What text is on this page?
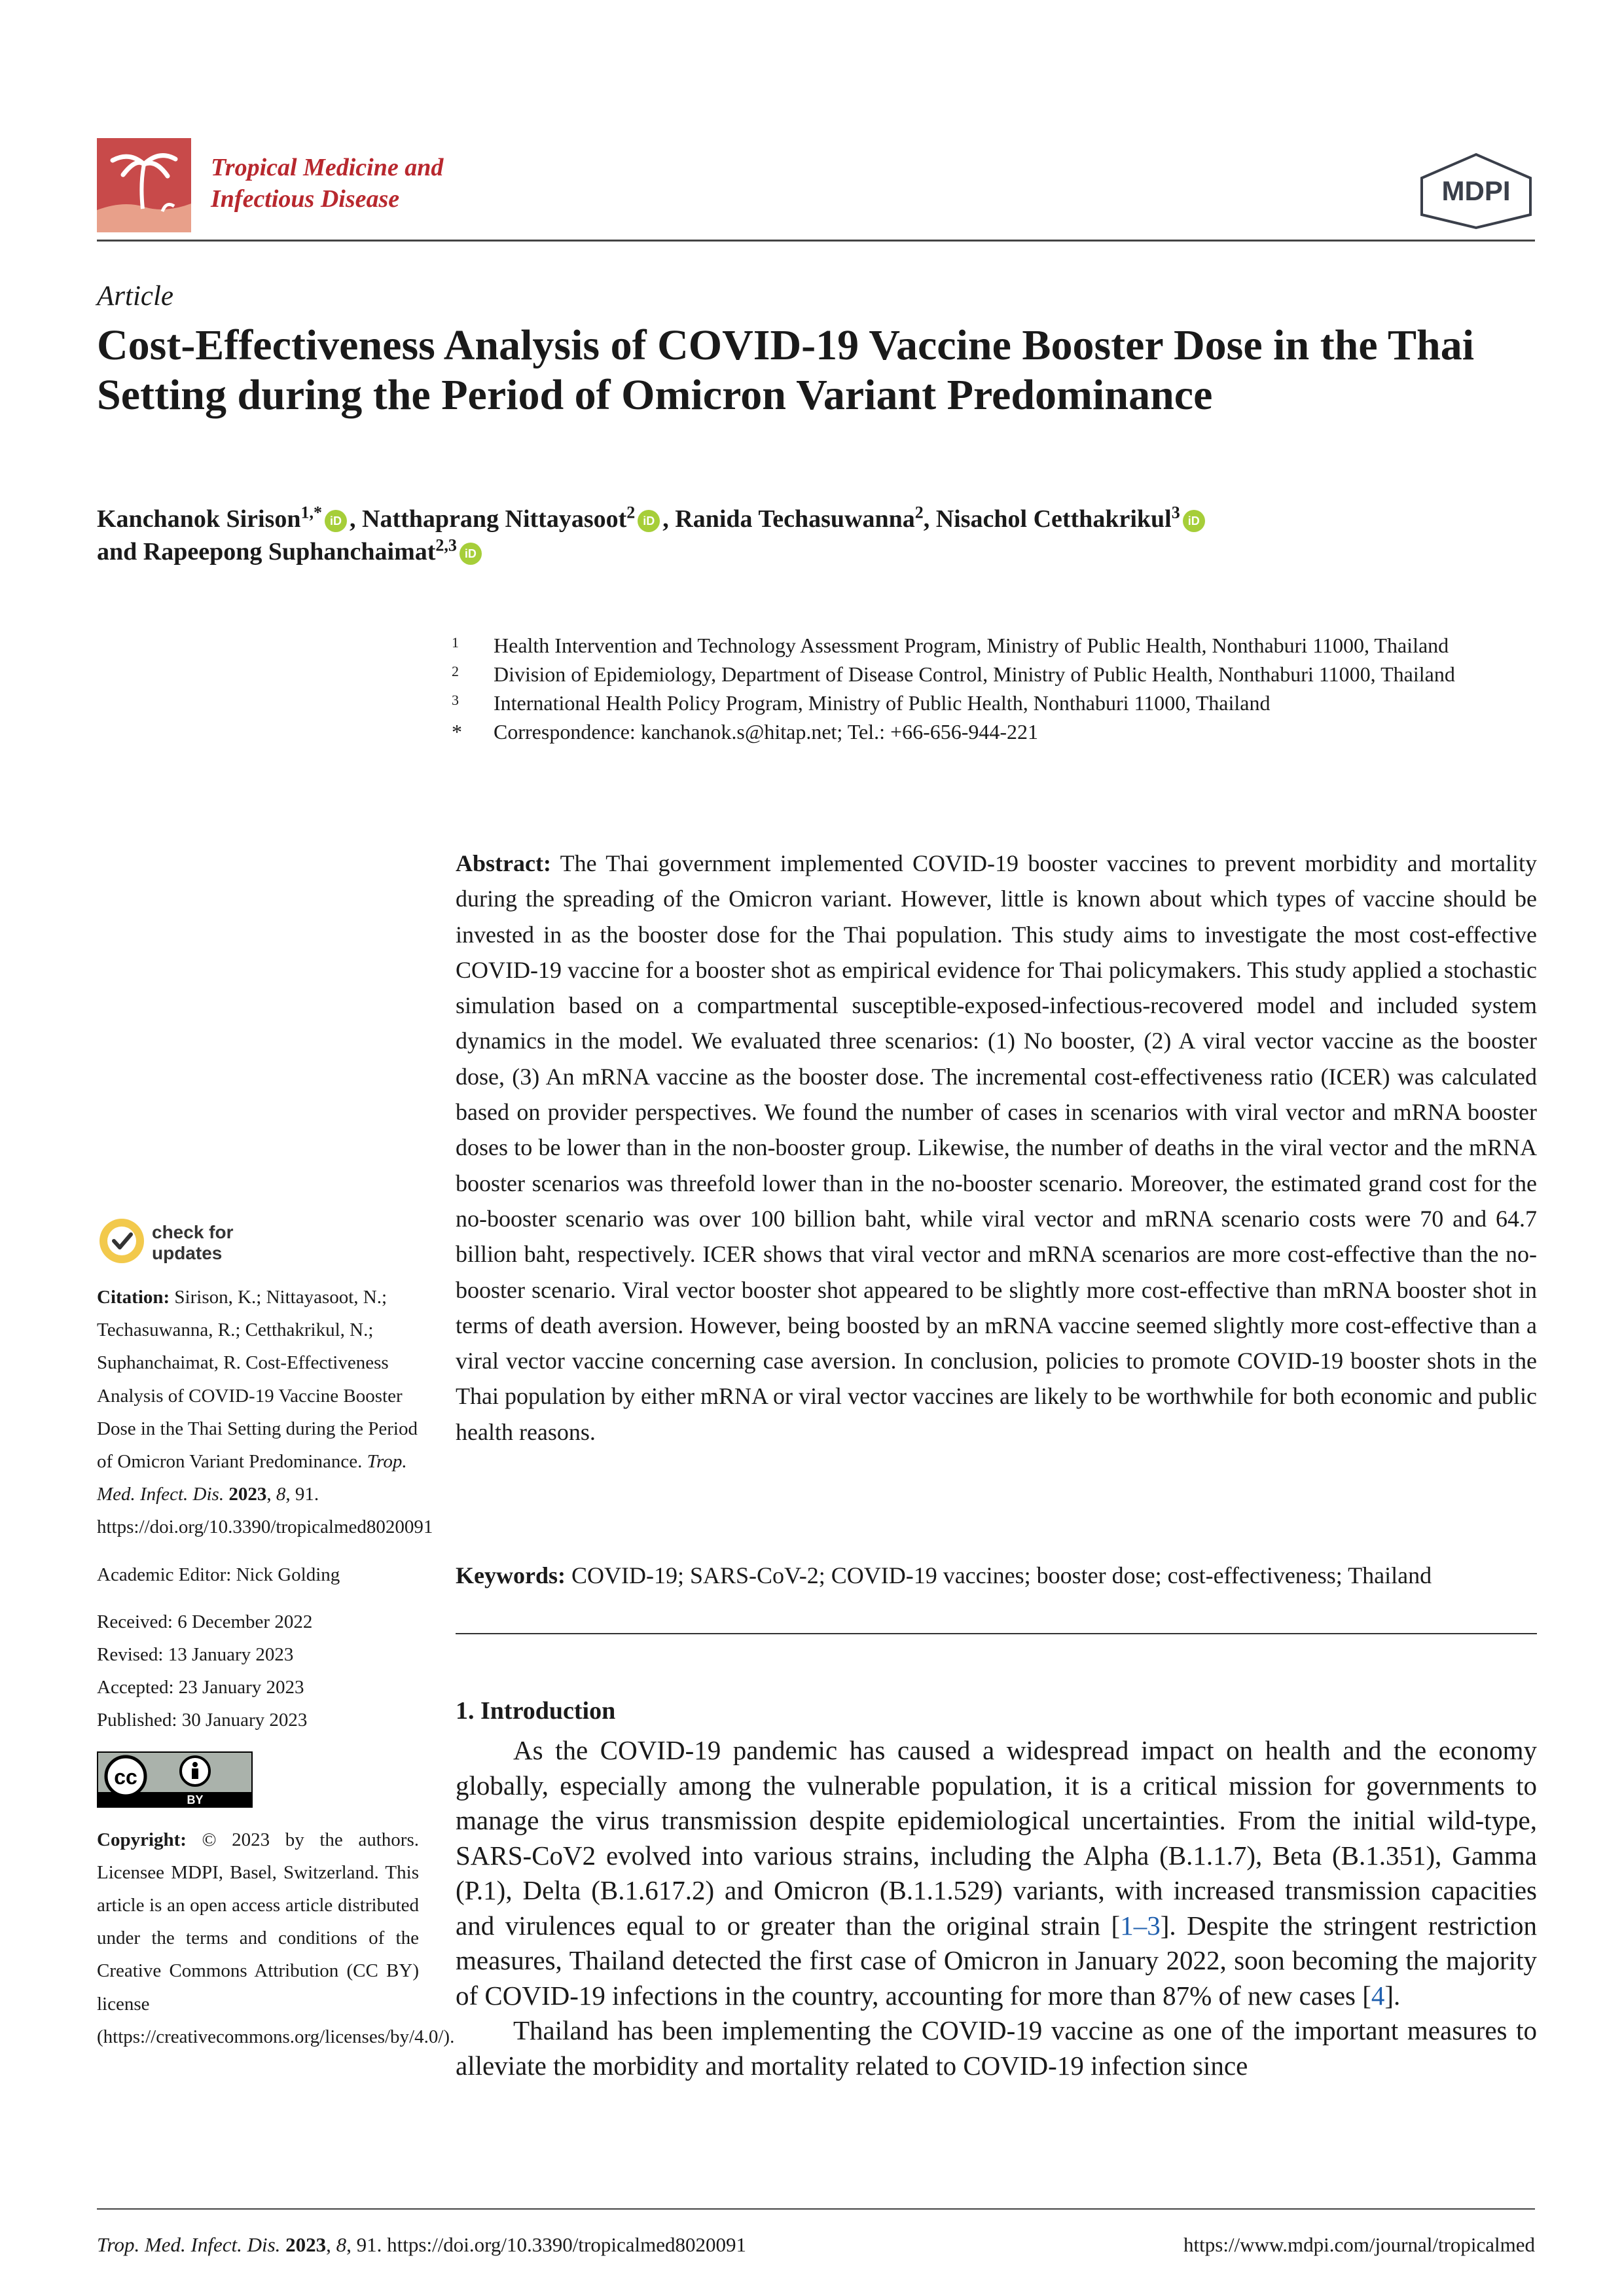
Tropical Medicine and
Infectious Disease	MDPI
Article
Cost-Effectiveness Analysis of COVID-19 Vaccine Booster Dose in the Thai Setting during the Period of Omicron Variant Predominance
Kanchanok Sirison$^{1,*}$ iD , Natthaprang Nittayasoot$^2$ iD , Ranida Techasuwanna$^2$, Nisachol Cetthakrikul$^3$ iD
and Rapeepong Suphanchaimat$^{2,3}$ iD
1 Health Intervention and Technology Assessment Program, Ministry of Public Health, Nonthaburi 11000, Thailand
2 Division of Epidemiology, Department of Disease Control, Ministry of Public Health, Nonthaburi 11000, Thailand
3 International Health Policy Program, Ministry of Public Health, Nonthaburi 11000, Thailand
* Correspondence: kanchanok.s@hitap.net; Tel.: +66-656-944-221
Abstract: The Thai government implemented COVID-19 booster vaccines to prevent morbidity and mortality during the spreading of the Omicron variant. However, little is known about which types of vaccine should be invested in as the booster dose for the Thai population. This study aims to investigate the most cost-effective COVID-19 vaccine for a booster shot as empirical evidence for Thai policymakers. This study applied a stochastic simulation based on a compartmental susceptible-exposed-infectious-recovered model and included system dynamics in the model. We evaluated three scenarios: (1) No booster, (2) A viral vector vaccine as the booster dose, (3) An mRNA vaccine as the booster dose. The incremental cost-effectiveness ratio (ICER) was calculated based on provider perspectives. We found the number of cases in scenarios with viral vector and mRNA booster doses to be lower than in the non-booster group. Likewise, the number of deaths in the viral vector and the mRNA booster scenarios was threefold lower than in the no-booster scenario. Moreover, the estimated grand cost for the no-booster scenario was over 100 billion baht, while viral vector and mRNA scenario costs were 70 and 64.7 billion baht, respectively. ICER shows that viral vector and mRNA scenarios are more cost-effective than the no-booster scenario. Viral vector booster shot appeared to be slightly more cost-effective than mRNA booster shot in terms of death aversion. However, being boosted by an mRNA vaccine seemed slightly more cost-effective than a viral vector vaccine concerning case aversion. In conclusion, policies to promote COVID-19 booster shots in the Thai population by either mRNA or viral vector vaccines are likely to be worthwhile for both economic and public health reasons.
Keywords: COVID-19; SARS-CoV-2; COVID-19 vaccines; booster dose; cost-effectiveness; Thailand
1. Introduction

As the COVID-19 pandemic has caused a widespread impact on health and the economy globally, especially among the vulnerable population, it is a critical mission for governments to manage the virus transmission despite epidemiological uncertainties. From the initial wild-type, SARS-CoV2 evolved into various strains, including the Alpha (B.1.1.7), Beta (B.1.351), Gamma (P.1), Delta (B.1.617.2) and Omicron (B.1.1.529) variants, with increased transmission capacities and virulences equal to or greater than the original strain [1–3]. Despite the stringent restriction measures, Thailand detected the first case of Omicron in January 2022, soon becoming the majority of COVID-19 infections in the country, accounting for more than 87% of new cases [4].

Thailand has been implementing the COVID-19 vaccine as one of the important measures to alleviate the morbidity and mortality related to COVID-19 infection since

check for
updates
Citation: Sirison, K.; Nittayasoot, N.; Techasuwanna, R.; Cetthakrikul, N.; Suphanchaimat, R. Cost-Effectiveness Analysis of COVID-19 Vaccine Booster Dose in the Thai Setting during the Period of Omicron Variant Predominance. Trop. Med. Infect. Dis. 2023, 8, 91. https://doi.org/10.3390/tropicalmed8020091
Academic Editor: Nick Golding
Received: 6 December 2022
Revised: 13 January 2023
Accepted: 23 January 2023
Published: 30 January 2023
cc
BY
Copyright: © 2023 by the authors. Licensee MDPI, Basel, Switzerland. This article is an open access article distributed under the terms and conditions of the Creative Commons Attribution (CC BY) license (https://creativecommons.org/licenses/by/4.0/).
Trop. Med. Infect. Dis. 2023, 8, 91. https://doi.org/10.3390/tropicalmed8020091	https://www.mdpi.com/journal/tropicalmed
